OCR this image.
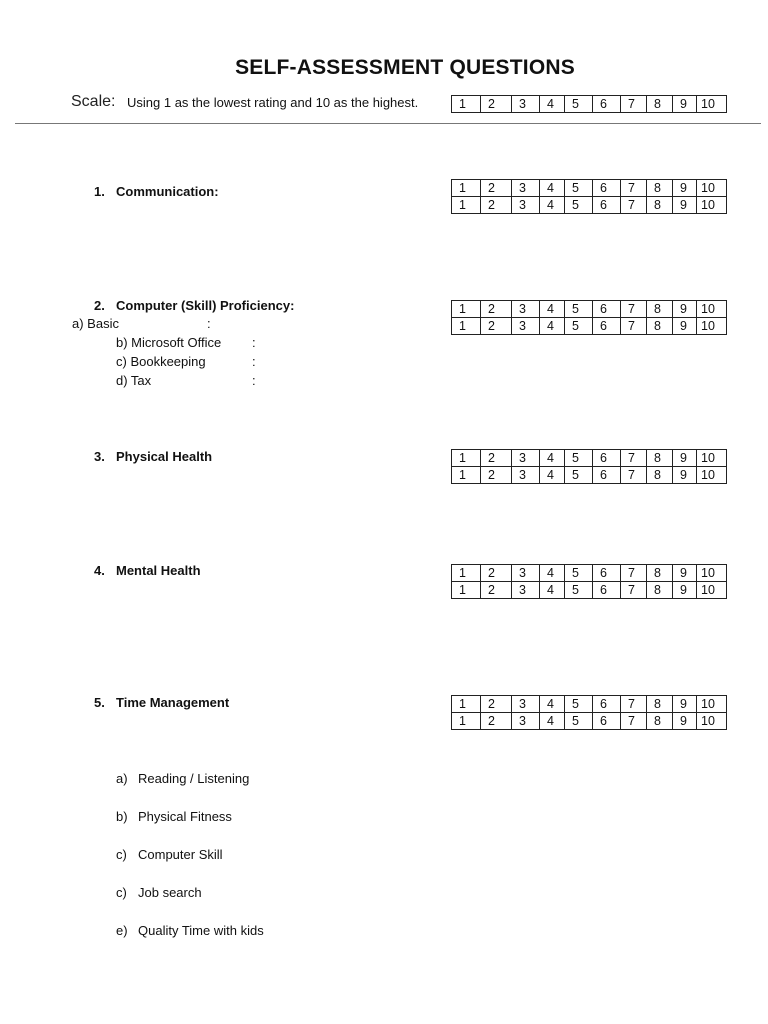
SELF-ASSESSMENT QUESTIONS
Scale: Using 1 as the lowest rating and 10 as the highest.	1	2	3	4	5	6	7	8	9	10
1. Communication:	1	2	3	4	5	6	7	8	9	10
1	2	3	4	5	6	7	8	9	10
2. Computer (Skill) Proficiency:
a) Basic	:
b) Microsoft Office :
c) Bookkeeping	:
d) Tax	:
1	2	3	4	5	6	7	8	9	10
1	2	3	4	5	6	7	8	9	10
3. Physical Health	1	2	3	4	5	6	7	8	9	10
1	2	3	4	5	6	7	8	9	10
4. Mental Health	1	2	3	4	5	6	7	8	9	10
1	2	3	4	5	6	7	8	9	10
5. Time Management	1	2	3	4	5	6	7	8	9	10
1	2	3	4	5	6	7	8	9	10
a) Reading / Listening
b) Physical Fitness
c) Computer Skill
c) Job search
e) Quality Time with kids
